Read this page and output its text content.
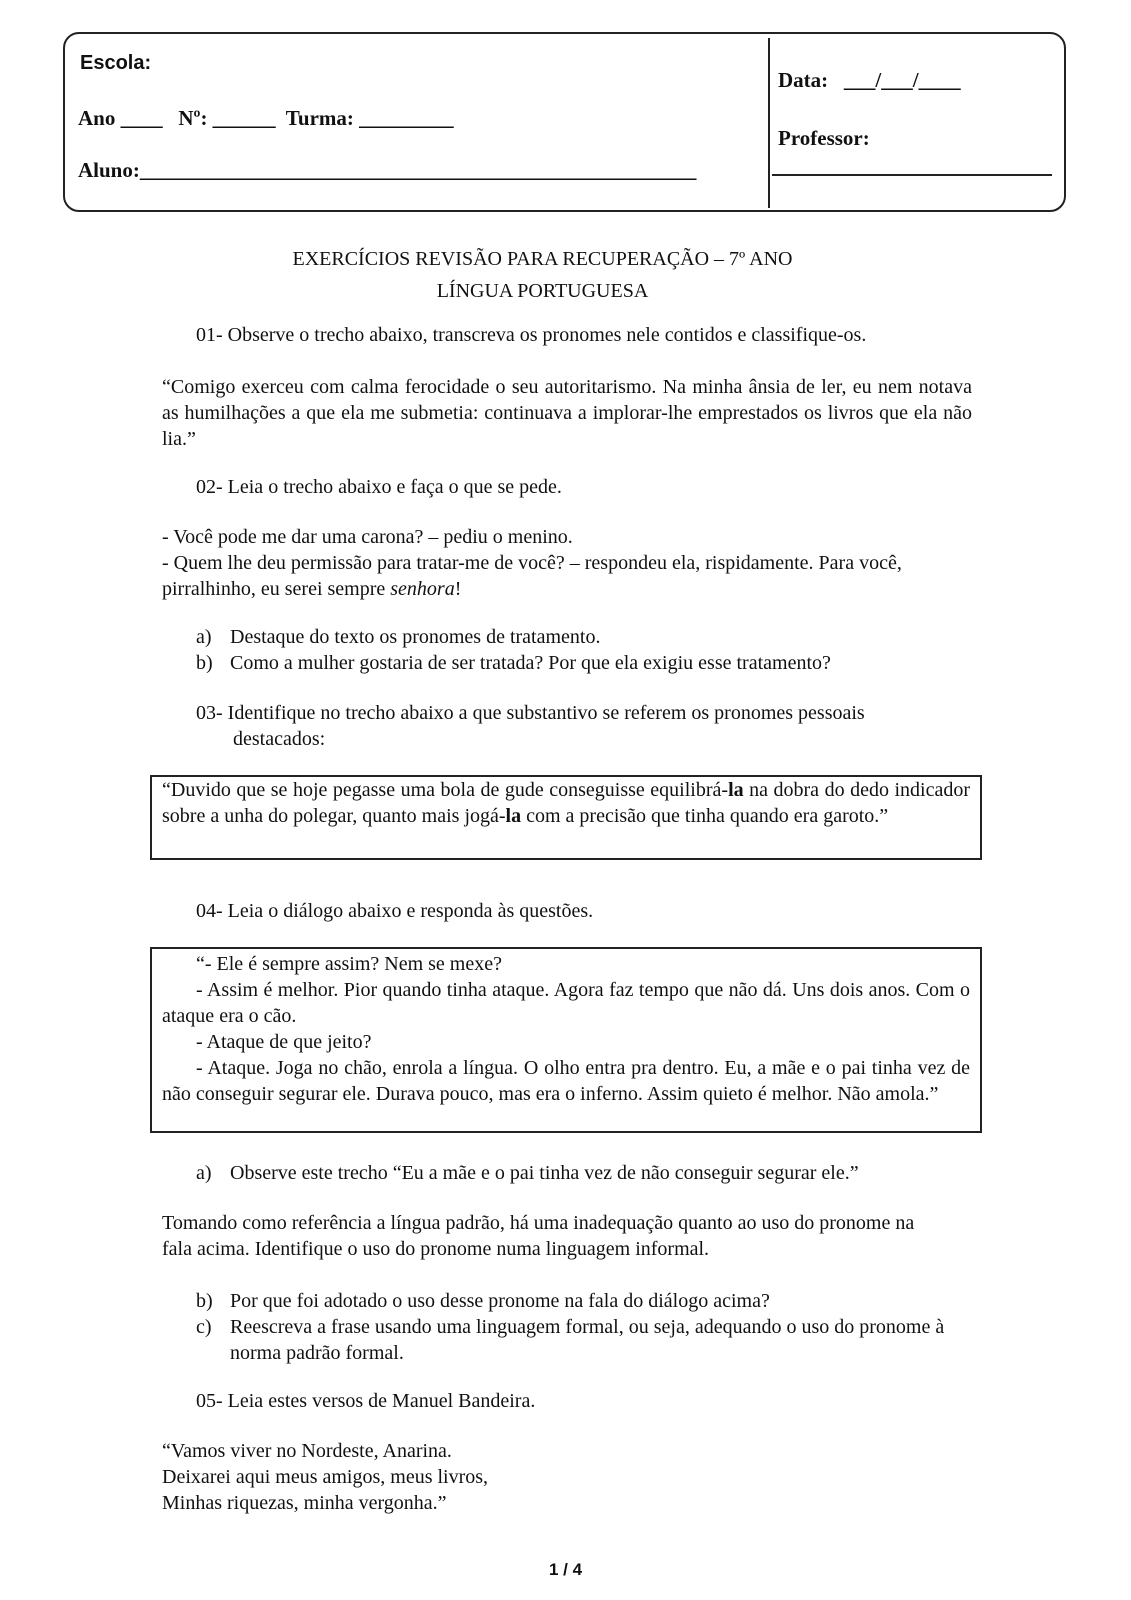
Escola:
Ano ____   Nº: ______  Turma: _________
Aluno:_____________________________________________________
Data:   ___/___/____
Professor:
EXERCÍCIOS REVISÃO PARA RECUPERAÇÃO – 7º ANO
LÍNGUA PORTUGUESA
01- Observe o trecho abaixo, transcreva os pronomes nele contidos e classifique-os.
“Comigo exerceu com calma ferocidade o seu autoritarismo. Na minha ânsia de ler, eu nem notava as humilhações a que ela me submetia: continuava a implorar-lhe emprestados os livros que ela não lia.”
02- Leia o trecho abaixo e faça o que se pede.
- Você pode me dar uma carona? – pediu o menino.
- Quem lhe deu permissão para tratar-me de você? – respondeu ela, rispidamente. Para você, pirralhinho, eu serei sempre senhora!
a) Destaque do texto os pronomes de tratamento.
b) Como a mulher gostaria de ser tratada? Por que ela exigiu esse tratamento?
03- Identifique no trecho abaixo a que substantivo se referem os pronomes pessoais
destacados:
“Duvido que se hoje pegasse uma bola de gude conseguisse equilibrá-la na dobra do dedo indicador sobre a unha do polegar, quanto mais jogá-la com a precisão que tinha quando era garoto.”
04- Leia o diálogo abaixo e responda às questões.
“- Ele é sempre assim? Nem se mexe?
- Assim é melhor. Pior quando tinha ataque. Agora faz tempo que não dá. Uns dois anos. Com o ataque era o cão.
- Ataque de que jeito?
- Ataque. Joga no chão, enrola a língua. O olho entra pra dentro. Eu, a mãe e o pai tinha vez de não conseguir segurar ele. Durava pouco, mas era o inferno. Assim quieto é melhor. Não amola.”
a) Observe este trecho “Eu a mãe e o pai tinha vez de não conseguir segurar ele.”
Tomando como referência a língua padrão, há uma inadequação quanto ao uso do pronome na fala acima. Identifique o uso do pronome numa linguagem informal.
b) Por que foi adotado o uso desse pronome na fala do diálogo acima?
c) Reescreva a frase usando uma linguagem formal, ou seja, adequando o uso do pronome à norma padrão formal.
05- Leia estes versos de Manuel Bandeira.
“Vamos viver no Nordeste, Anarina.
Deixarei aqui meus amigos, meus livros,
Minhas riquezas, minha vergonha.”
1 / 4
